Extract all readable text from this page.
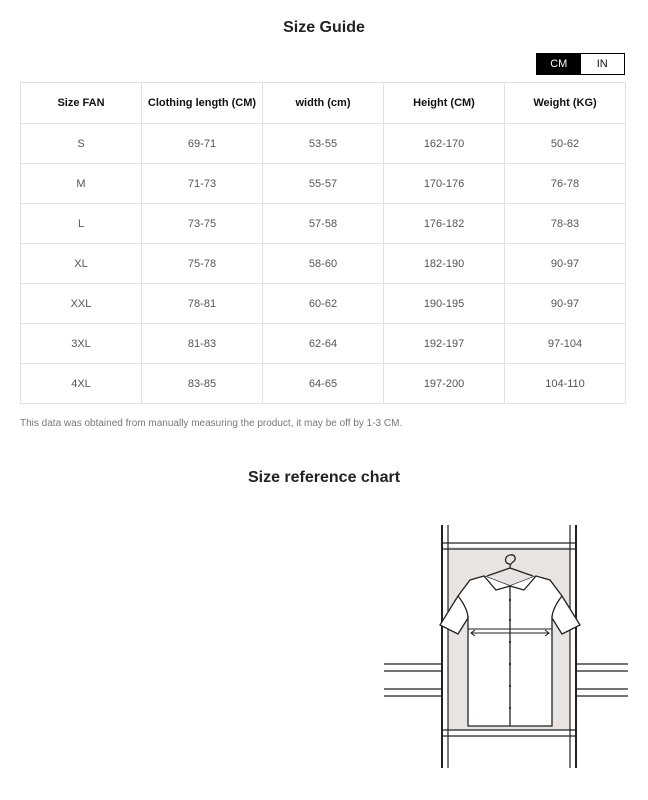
Size Guide
CM	IN
Size FAN	Clothing length (CM)	width (cm)	Height (CM)	Weight (KG)
S	69-71	53-55	162-170	50-62
M	71-73	55-57	170-176	76-78
L	73-75	57-58	176-182	78-83
XL	75-78	58-60	182-190	90-97
XXL	78-81	60-62	190-195	90-97
3XL	81-83	62-64	192-197	97-104
4XL	83-85	64-65	197-200	104-110
This data was obtained from manually measuring the product, it may be off by 1-3 CM.
Size reference chart
